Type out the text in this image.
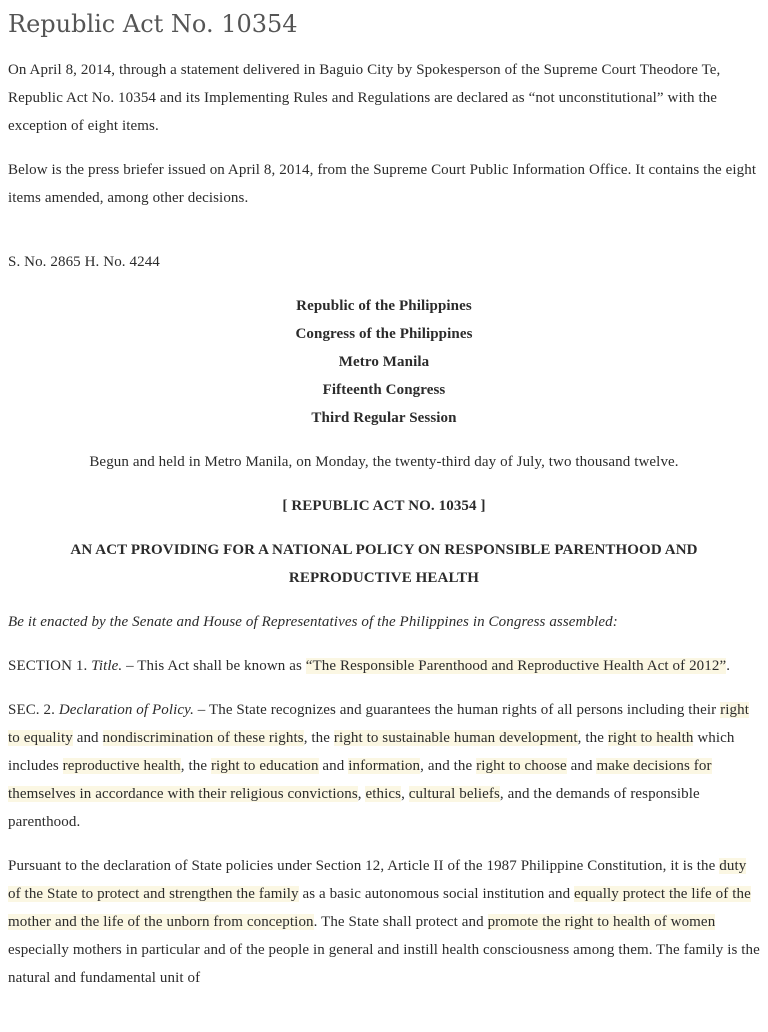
Republic Act No. 10354

On April 8, 2014, through a statement delivered in Baguio City by Spokesperson of the Supreme Court Theodore Te, Republic Act No. 10354 and its Implementing Rules and Regulations are declared as “not unconstitutional” with the exception of eight items.

Below is the press briefer issued on April 8, 2014, from the Supreme Court Public Information Office. It contains the eight items amended, among other decisions.

S. No. 2865 H. No. 4244

Republic of the Philippines

Congress of the Philippines

Metro Manila

Fifteenth Congress

Third Regular Session

Begun and held in Metro Manila, on Monday, the twenty-third day of July, two thousand twelve.

[ REPUBLIC ACT NO. 10354 ]

AN ACT PROVIDING FOR A NATIONAL POLICY ON RESPONSIBLE PARENTHOOD AND REPRODUCTIVE HEALTH

Be it enacted by the Senate and House of Representatives of the Philippines in Congress assembled:

SECTION 1. Title. – This Act shall be known as “The Responsible Parenthood and Reproductive Health Act of 2012”.

SEC. 2. Declaration of Policy. – The State recognizes and guarantees the human rights of all persons including their right to equality and nondiscrimination of these rights, the right to sustainable human development, the right to health which includes reproductive health, the right to education and information, and the right to choose and make decisions for themselves in accordance with their religious convictions, ethics, cultural beliefs, and the demands of responsible parenthood.

Pursuant to the declaration of State policies under Section 12, Article II of the 1987 Philippine Constitution, it is the duty of the State to protect and strengthen the family as a basic autonomous social institution and equally protect the life of the mother and the life of the unborn from conception. The State shall protect and promote the right to health of women especially mothers in particular and of the people in general and instill health consciousness among them. The family is the natural and fundamental unit of
